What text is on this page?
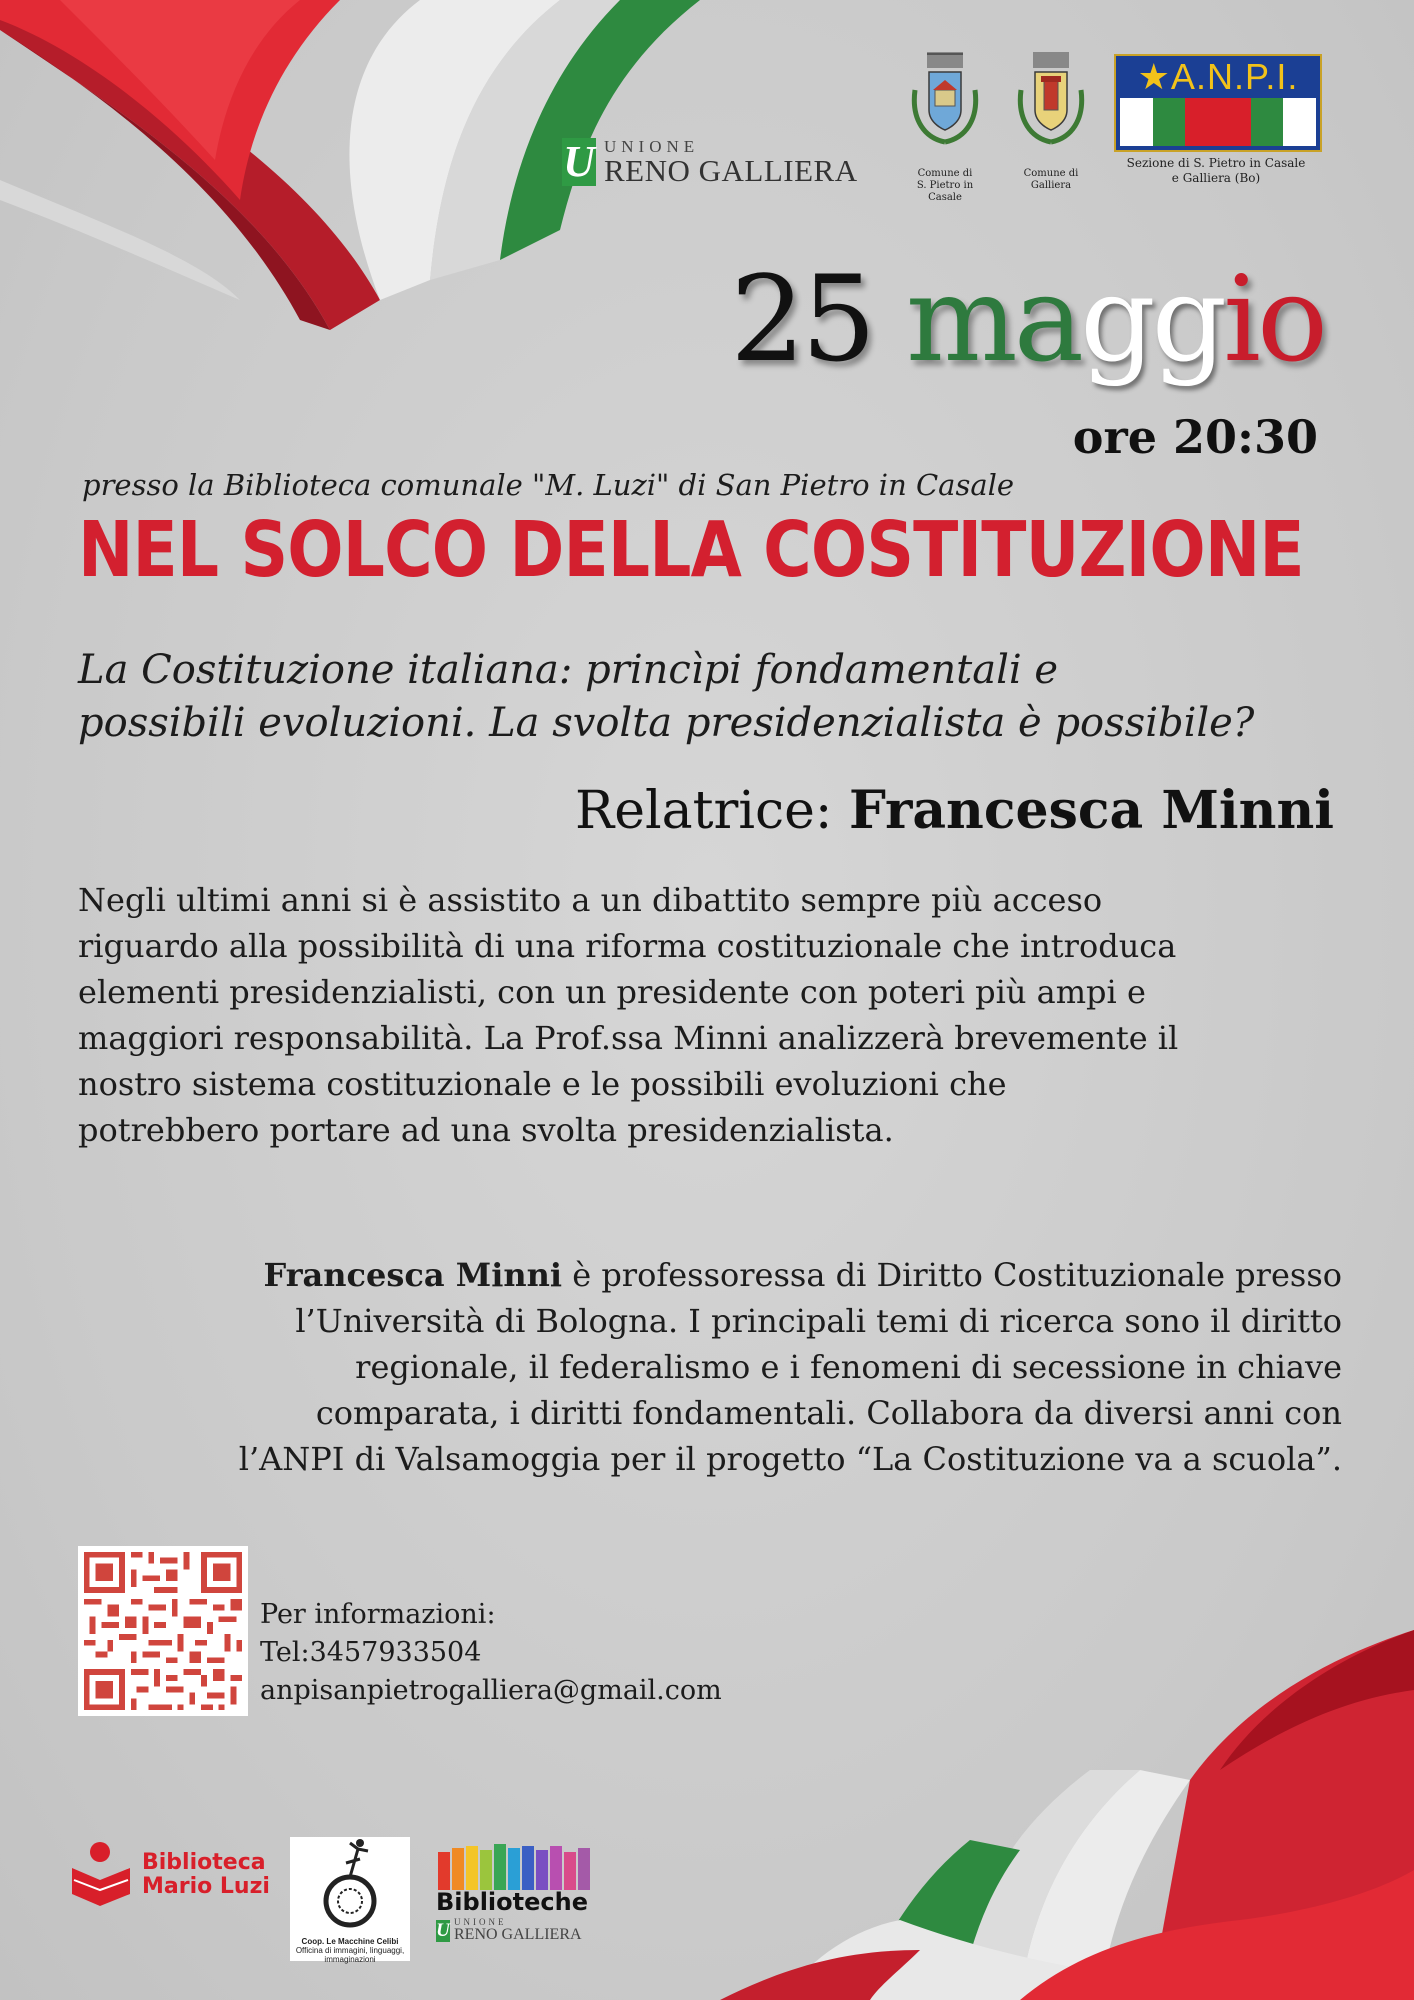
U UNIONE
RENO GALLIERA	Comune di
S. Pietro in Casale
Comune di
Galliera
★A.N.P.I.
Sezione di S. Pietro in Casale
e Galliera (Bo)
25 maggio
ore 20:30
presso la Biblioteca comunale "M. Luzi" di San Pietro in Casale
NEL SOLCO DELLA COSTITUZIONE
La Costituzione italiana: princìpi fondamentali e
possibili evoluzioni. La svolta presidenzialista è possibile?
Relatrice: Francesca Minni
Negli ultimi anni si è assistito a un dibattito sempre più acceso
riguardo alla possibilità di una riforma costituzionale che introduca
elementi presidenzialisti, con un presidente con poteri più ampi e
maggiori responsabilità. La Prof.ssa Minni analizzerà brevemente il
nostro sistema costituzionale e le possibili evoluzioni che
potrebbero portare ad una svolta presidenzialista.
Francesca Minni è professoressa di Diritto Costituzionale presso
l’Università di Bologna. I principali temi di ricerca sono il diritto
regionale, il federalismo e i fenomeni di secessione in chiave
comparata, i diritti fondamentali. Collabora da diversi anni con
l’ANPI di Valsamoggia per il progetto “La Costituzione va a scuola”.
Per informazioni:
Tel:3457933504
anpisanpietrogalliera@gmail.com
Biblioteca
Mario Luzi
Coop. Le Macchine Celibi
Officina di immagini, linguaggi, immaginazioni
Biblioteche
U UNIONE
RENO GALLIERA
